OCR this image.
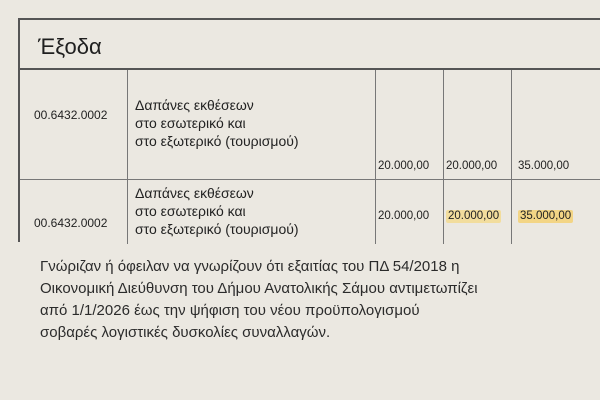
Έξοδα
00.6432.0002
Δαπάνες εκθέσεων
στο εσωτερικό και
στο εξωτερικό (τουρισμού)
20.000,00 20.000,00 35.000,00
00.6432.0002
Δαπάνες εκθέσεων
στο εσωτερικό και
στο εξωτερικό (τουρισμού)
20.000,00 20.000,00 35.000,00

Γνώριζαν ή όφειλαν να γνωρίζουν ότι εξαιτίας του ΠΔ 54/2018 η

Οικονομική Διεύθυνση του Δήμου Ανατολικής Σάμου αντιμετωπίζει

από 1/1/2026 έως την ψήφιση του νέου προϋπολογισμού

σοβαρές λογιστικές δυσκολίες συναλλαγών.
